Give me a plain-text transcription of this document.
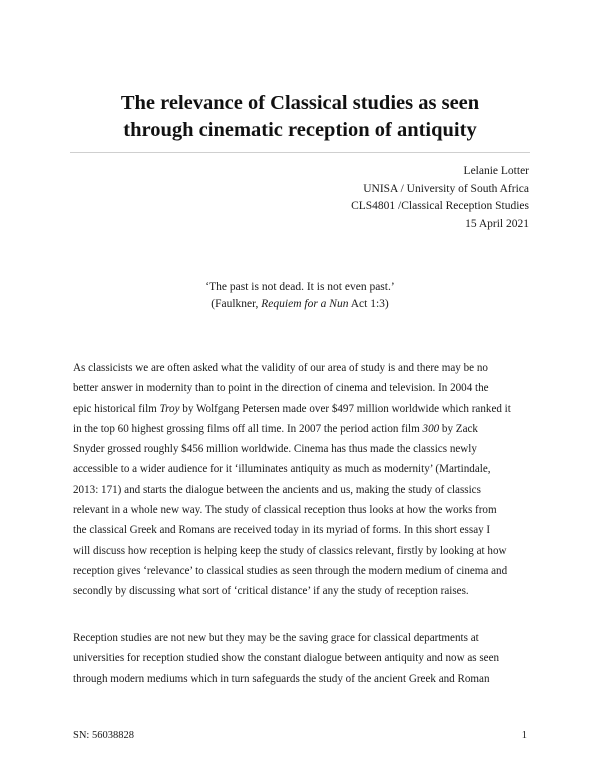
The relevance of Classical studies as seen
through cinematic reception of antiquity
Lelanie Lotter
UNISA / University of South Africa
CLS4801 /Classical Reception Studies
15 April 2021
‘The past is not dead. It is not even past.’
(Faulkner, Requiem for a Nun Act 1:3)
As classicists we are often asked what the validity of our area of study is and there may be no
better answer in modernity than to point in the direction of cinema and television. In 2004 the
epic historical film Troy by Wolfgang Petersen made over $497 million worldwide which ranked it
in the top 60 highest grossing films off all time. In 2007 the period action film 300 by Zack
Snyder grossed roughly $456 million worldwide. Cinema has thus made the classics newly
accessible to a wider audience for it ‘illuminates antiquity as much as modernity’ (Martindale,
2013: 171) and starts the dialogue between the ancients and us, making the study of classics
relevant in a whole new way. The study of classical reception thus looks at how the works from
the classical Greek and Romans are received today in its myriad of forms. In this short essay I
will discuss how reception is helping keep the study of classics relevant, firstly by looking at how
reception gives ‘relevance’ to classical studies as seen through the modern medium of cinema and
secondly by discussing what sort of ‘critical distance’ if any the study of reception raises.
Reception studies are not new but they may be the saving grace for classical departments at
universities for reception studied show the constant dialogue between antiquity and now as seen
through modern mediums which in turn safeguards the study of the ancient Greek and Roman
SN: 56038828	1
